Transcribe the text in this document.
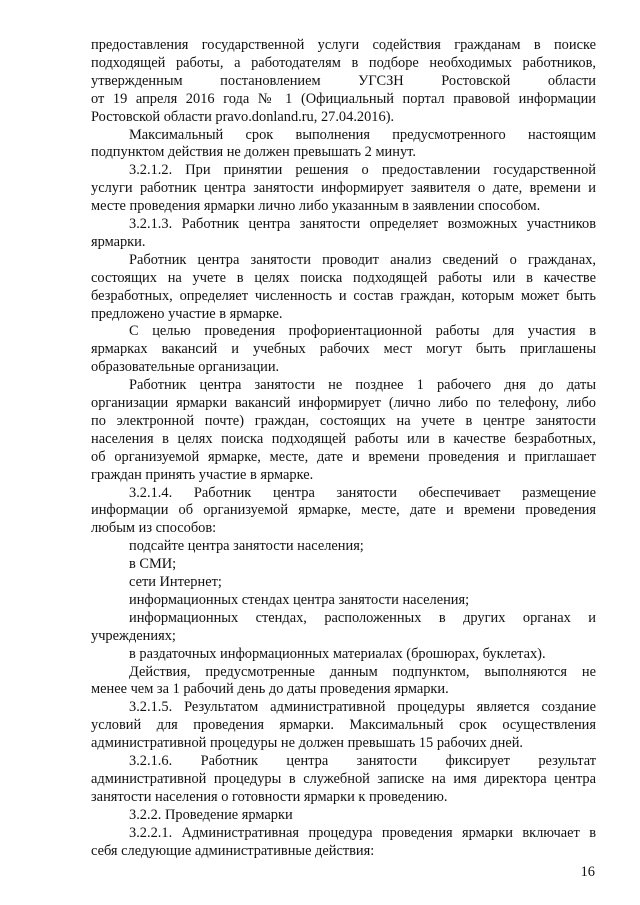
предоставления государственной услуги содействия гражданам в поиске
подходящей работы, а работодателям в подборе необходимых работников,
утвержденным постановлением УГСЗН Ростовской области
от 19 апреля 2016 года № 1 (Официальный портал правовой информации
Ростовской области pravo.donland.ru, 27.04.2016).
Максимальный срок выполнения предусмотренного настоящим
подпунктом действия не должен превышать 2 минут.
3.2.1.2. При принятии решения о предоставлении государственной
услуги работник центра занятости информирует заявителя о дате, времени и
месте проведения ярмарки лично либо указанным в заявлении способом.
3.2.1.3. Работник центра занятости определяет возможных участников
ярмарки.
Работник центра занятости проводит анализ сведений о гражданах,
состоящих на учете в целях поиска подходящей работы или в качестве
безработных, определяет численность и состав граждан, которым может быть
предложено участие в ярмарке.
С целью проведения профориентационной работы для участия в
ярмарках вакансий и учебных рабочих мест могут быть приглашены
образовательные организации.
Работник центра занятости не позднее 1 рабочего дня до даты
организации ярмарки вакансий информирует (лично либо по телефону, либо
по электронной почте) граждан, состоящих на учете в центре занятости
населения в целях поиска подходящей работы или в качестве безработных,
об организуемой ярмарке, месте, дате и времени проведения и приглашает
граждан принять участие в ярмарке.
3.2.1.4. Работник центра занятости обеспечивает размещение
информации об организуемой ярмарке, месте, дате и времени проведения
любым из способов:
подсайте центра занятости населения;
в СМИ;
сети Интернет;
информационных стендах центра занятости населения;
информационных стендах, расположенных в других органах и
учреждениях;
в раздаточных информационных материалах (брошюрах, буклетах).
Действия, предусмотренные данным подпунктом, выполняются не
менее чем за 1 рабочий день до даты проведения ярмарки.
3.2.1.5. Результатом административной процедуры является создание
условий для проведения ярмарки. Максимальный срок осуществления
административной процедуры не должен превышать 15 рабочих дней.
3.2.1.6. Работник центра занятости фиксирует результат
административной процедуры в служебной записке на имя директора центра
занятости населения о готовности ярмарки к проведению.
3.2.2. Проведение ярмарки
3.2.2.1. Административная процедура проведения ярмарки включает в
себя следующие административные действия:
16
